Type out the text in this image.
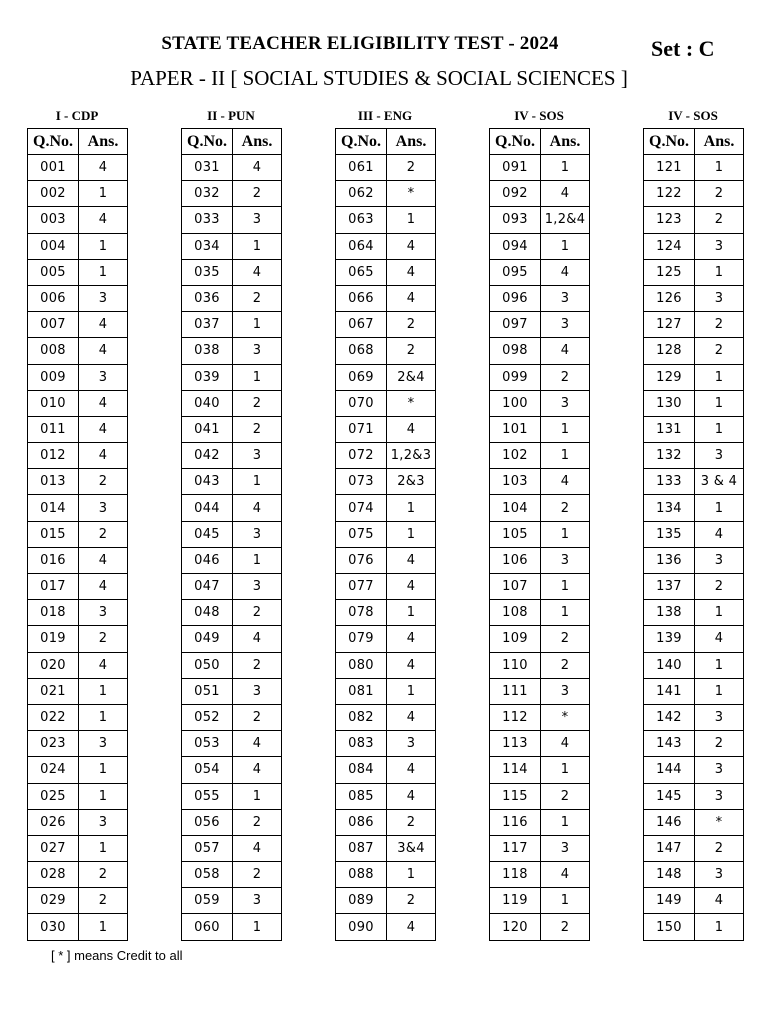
STATE TEACHER ELIGIBILITY TEST - 2024	Set : C
PAPER - II [ SOCIAL STUDIES & SOCIAL SCIENCES ]
I - CDP
Q.No.	Ans.
001	4
002	1
003	4
004	1
005	1
006	3
007	4
008	4
009	3
010	4
011	4
012	4
013	2
014	3
015	2
016	4
017	4
018	3
019	2
020	4
021	1
022	1
023	3
024	1
025	1
026	3
027	1
028	2
029	2
030	1
II - PUN
Q.No.	Ans.
031	4
032	2
033	3
034	1
035	4
036	2
037	1
038	3
039	1
040	2
041	2
042	3
043	1
044	4
045	3
046	1
047	3
048	2
049	4
050	2
051	3
052	2
053	4
054	4
055	1
056	2
057	4
058	2
059	3
060	1
III - ENG
Q.No.	Ans.
061	2
062	*
063	1
064	4
065	4
066	4
067	2
068	2
069	2&4
070	*
071	4
072	1,2&3
073	2&3
074	1
075	1
076	4
077	4
078	1
079	4
080	4
081	1
082	4
083	3
084	4
085	4
086	2
087	3&4
088	1
089	2
090	4
IV - SOS
Q.No.	Ans.
091	1
092	4
093	1,2&4
094	1
095	4
096	3
097	3
098	4
099	2
100	3
101	1
102	1
103	4
104	2
105	1
106	3
107	1
108	1
109	2
110	2
111	3
112	*
113	4
114	1
115	2
116	1
117	3
118	4
119	1
120	2
IV - SOS
Q.No.	Ans.
121	1
122	2
123	2
124	3
125	1
126	3
127	2
128	2
129	1
130	1
131	1
132	3
133	3 & 4
134	1
135	4
136	3
137	2
138	1
139	4
140	1
141	1
142	3
143	2
144	3
145	3
146	*
147	2
148	3
149	4
150	1
[ * ] means Credit to all
